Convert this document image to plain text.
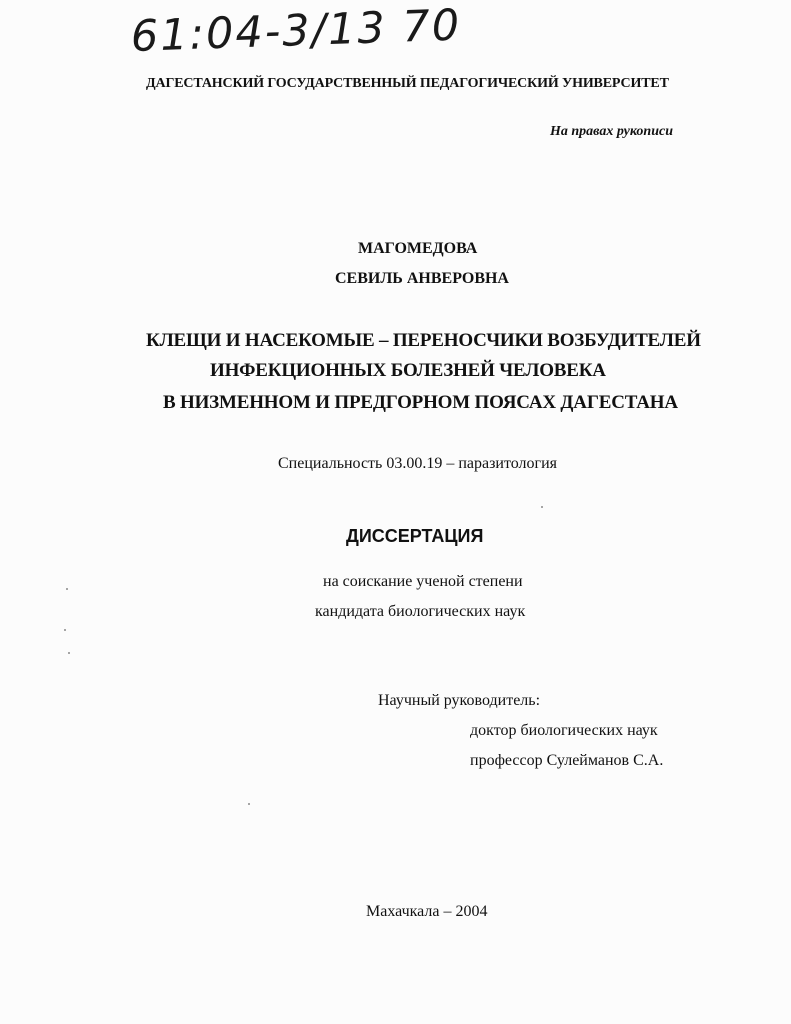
61:04-3/13 70

ДАГЕСТАНСКИЙ ГОСУДАРСТВЕННЫЙ ПЕДАГОГИЧЕСКИЙ УНИВЕРСИТЕТ

На правах рукописи

МАГОМЕДОВА

СЕВИЛЬ АНВЕРОВНА

КЛЕЩИ И НАСЕКОМЫЕ – ПЕРЕНОСЧИКИ ВОЗБУДИТЕЛЕЙ

ИНФЕКЦИОННЫХ БОЛЕЗНЕЙ ЧЕЛОВЕКА

В НИЗМЕННОМ И ПРЕДГОРНОМ ПОЯСАХ ДАГЕСТАНА

Специальность 03.00.19 – паразитология

ДИССЕРТАЦИЯ

на соискание ученой степени

кандидата биологических наук

Научный руководитель:

доктор биологических наук

профессор Сулейманов С.А.

Махачкала – 2004
